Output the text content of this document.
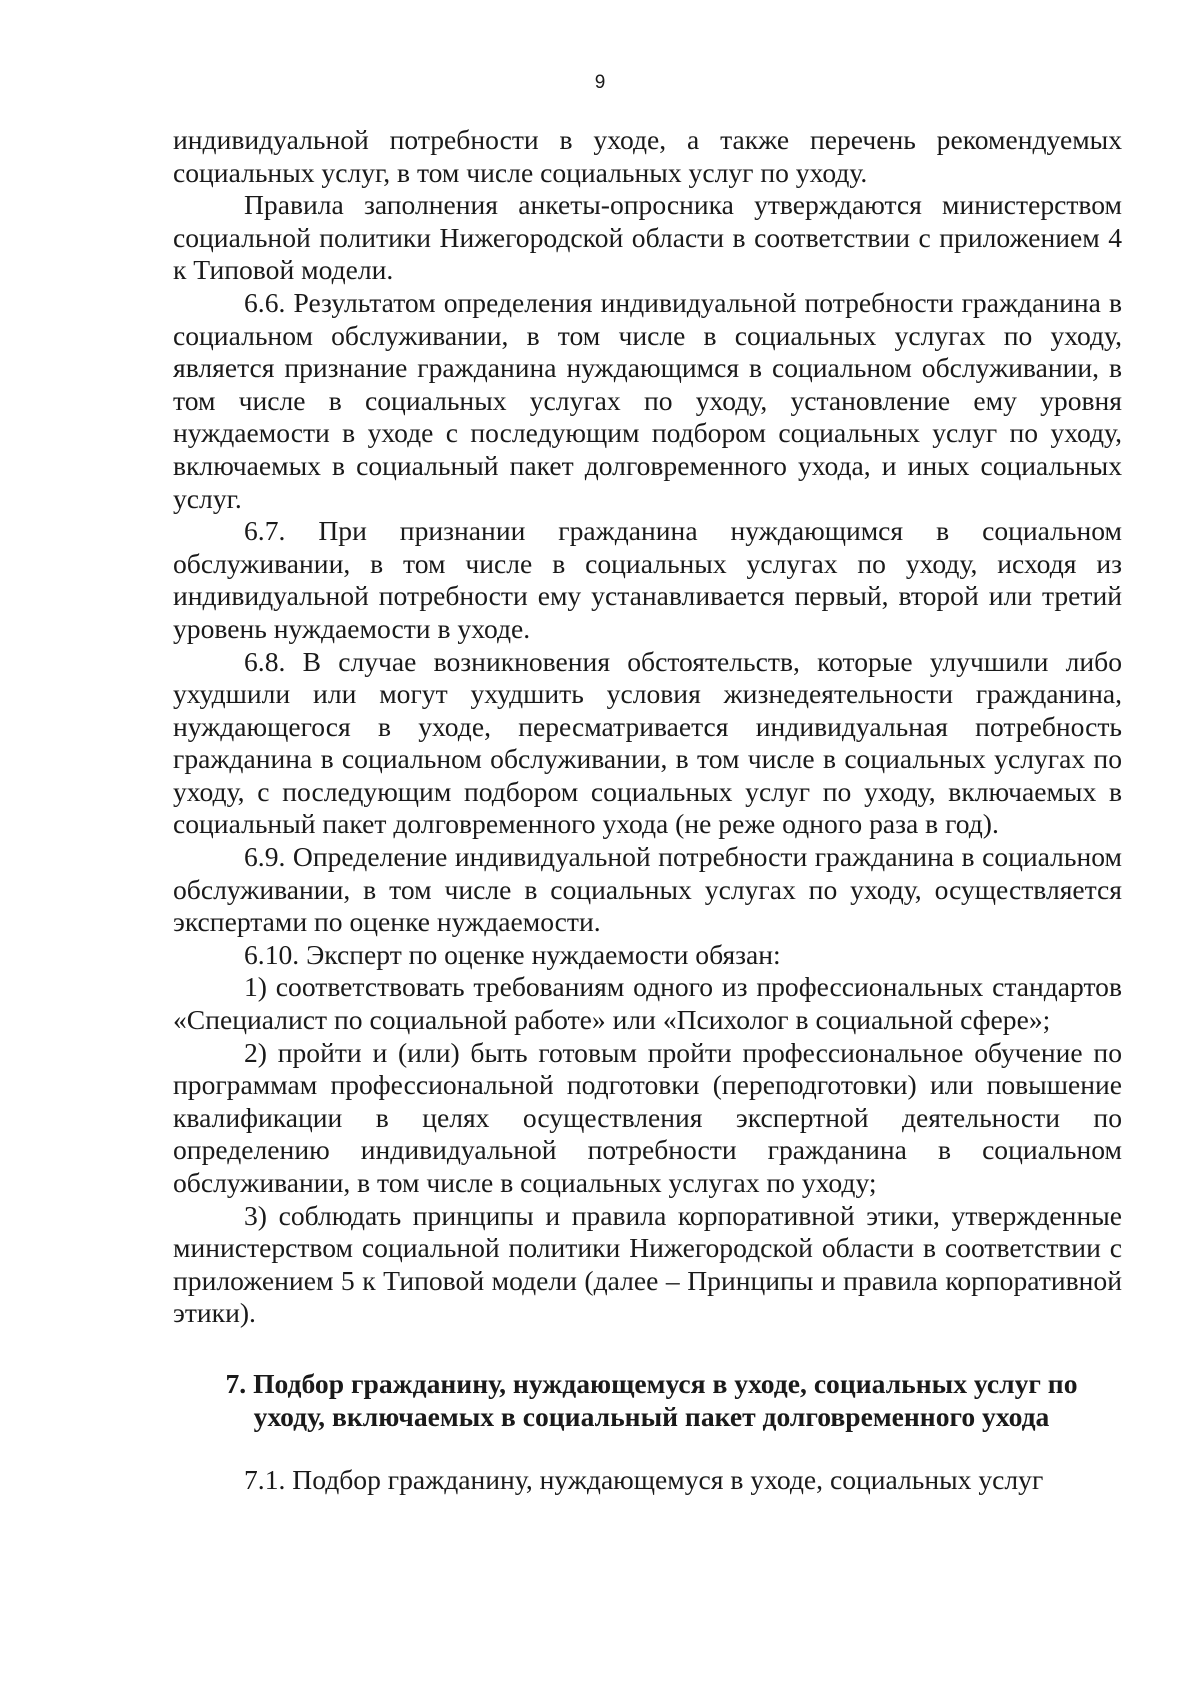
9

индивидуальной потребности в уходе, а также перечень рекомендуемых социальных услуг, в том числе социальных услуг по уходу.

Правила заполнения анкеты-опросника утверждаются министерством социальной политики Нижегородской области в соответствии с приложением 4 к Типовой модели.

6.6. Результатом определения индивидуальной потребности гражданина в социальном обслуживании, в том числе в социальных услугах по уходу, является признание гражданина нуждающимся в социальном обслуживании, в том числе в социальных услугах по уходу, установление ему уровня нуждаемости в уходе с последующим подбором социальных услуг по уходу, включаемых в социальный пакет долговременного ухода, и иных социальных услуг.

6.7. При признании гражданина нуждающимся в социальном обслуживании, в том числе в социальных услугах по уходу, исходя из индивидуальной потребности ему устанавливается первый, второй или третий уровень нуждаемости в уходе.

6.8. В случае возникновения обстоятельств, которые улучшили либо ухудшили или могут ухудшить условия жизнедеятельности гражданина, нуждающегося в уходе, пересматривается индивидуальная потребность гражданина в социальном обслуживании, в том числе в социальных услугах по уходу, с последующим подбором социальных услуг по уходу, включаемых в социальный пакет долговременного ухода (не реже одного раза в год).

6.9. Определение индивидуальной потребности гражданина в социальном обслуживании, в том числе в социальных услугах по уходу, осуществляется экспертами по оценке нуждаемости.

6.10. Эксперт по оценке нуждаемости обязан:

1) соответствовать требованиям одного из профессиональных стандартов «Специалист по социальной работе» или «Психолог в социальной сфере»;

2) пройти и (или) быть готовым пройти профессиональное обучение по программам профессиональной подготовки (переподготовки) или повышение квалификации в целях осуществления экспертной деятельности по определению индивидуальной потребности гражданина в социальном обслуживании, в том числе в социальных услугах по уходу;

3) соблюдать принципы и правила корпоративной этики, утвержденные министерством социальной политики Нижегородской области в соответствии с приложением 5 к Типовой модели (далее – Принципы и правила корпоративной этики).

7. Подбор гражданину, нуждающемуся в уходе, социальных услуг по уходу, включаемых в социальный пакет долговременного ухода

7.1. Подбор гражданину, нуждающемуся в уходе, социальных услуг
